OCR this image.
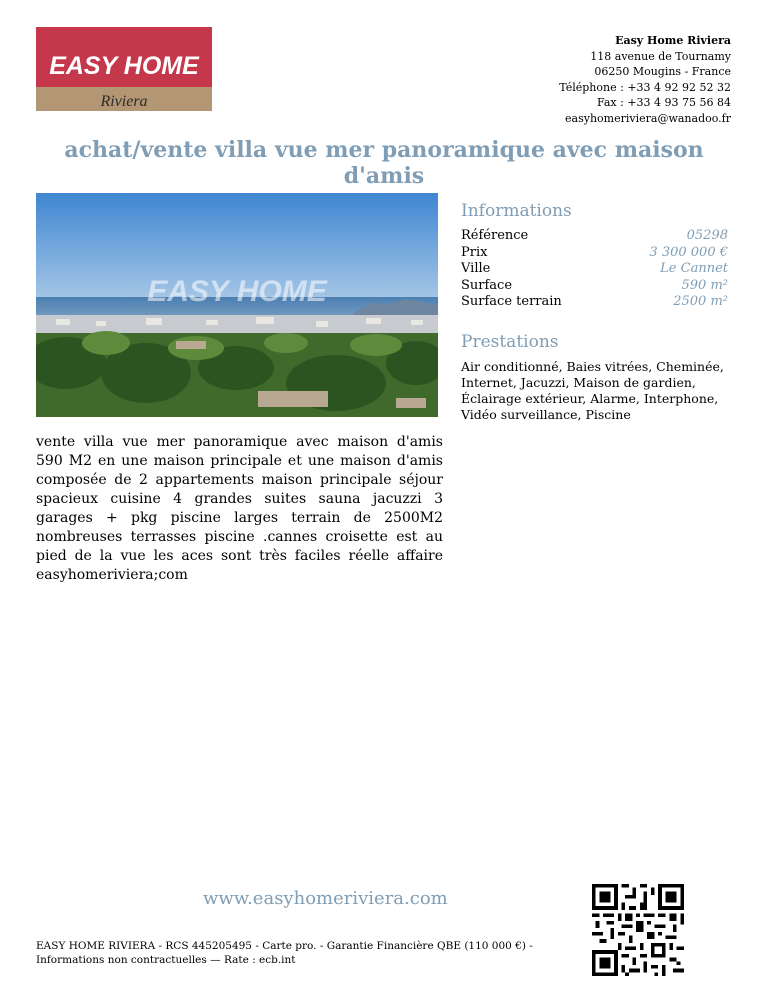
EASY HOME
Riviera
Easy Home Riviera
118 avenue de Tournamy
06250 Mougins - France
Téléphone : +33 4 92 92 52 32
Fax : +33 4 93 75 56 84
easyhomeriviera@wanadoo.fr
achat/vente villa vue mer panoramique avec maison
d'amis
EASY HOME
Informations
Référence	05298
Prix	3 300 000 €
Ville	Le Cannet
Surface	590 m²
Surface terrain	2500 m²
Prestations
Air conditionné, Baies vitrées, Cheminée,
Internet, Jacuzzi, Maison de gardien,
Éclairage extérieur, Alarme, Interphone,
Vidéo surveillance, Piscine
vente villa vue mer panoramique avec maison d'amis 590 M2 en une maison principale et une maison d'amis composée de 2 appartements maison principale séjour spacieux cuisine 4 grandes suites sauna jacuzzi 3 garages + pkg piscine larges terrain de 2500M2 nombreuses terrasses piscine .cannes croisette est au pied de la vue les aces sont très faciles réelle affaire easyhomeriviera;com
www.easyhomeriviera.com
EASY HOME RIVIERA - RCS 445205495 - Carte pro. - Garantie Financière QBE (110 000 €) -
Informations non contractuelles — Rate : ecb.int
